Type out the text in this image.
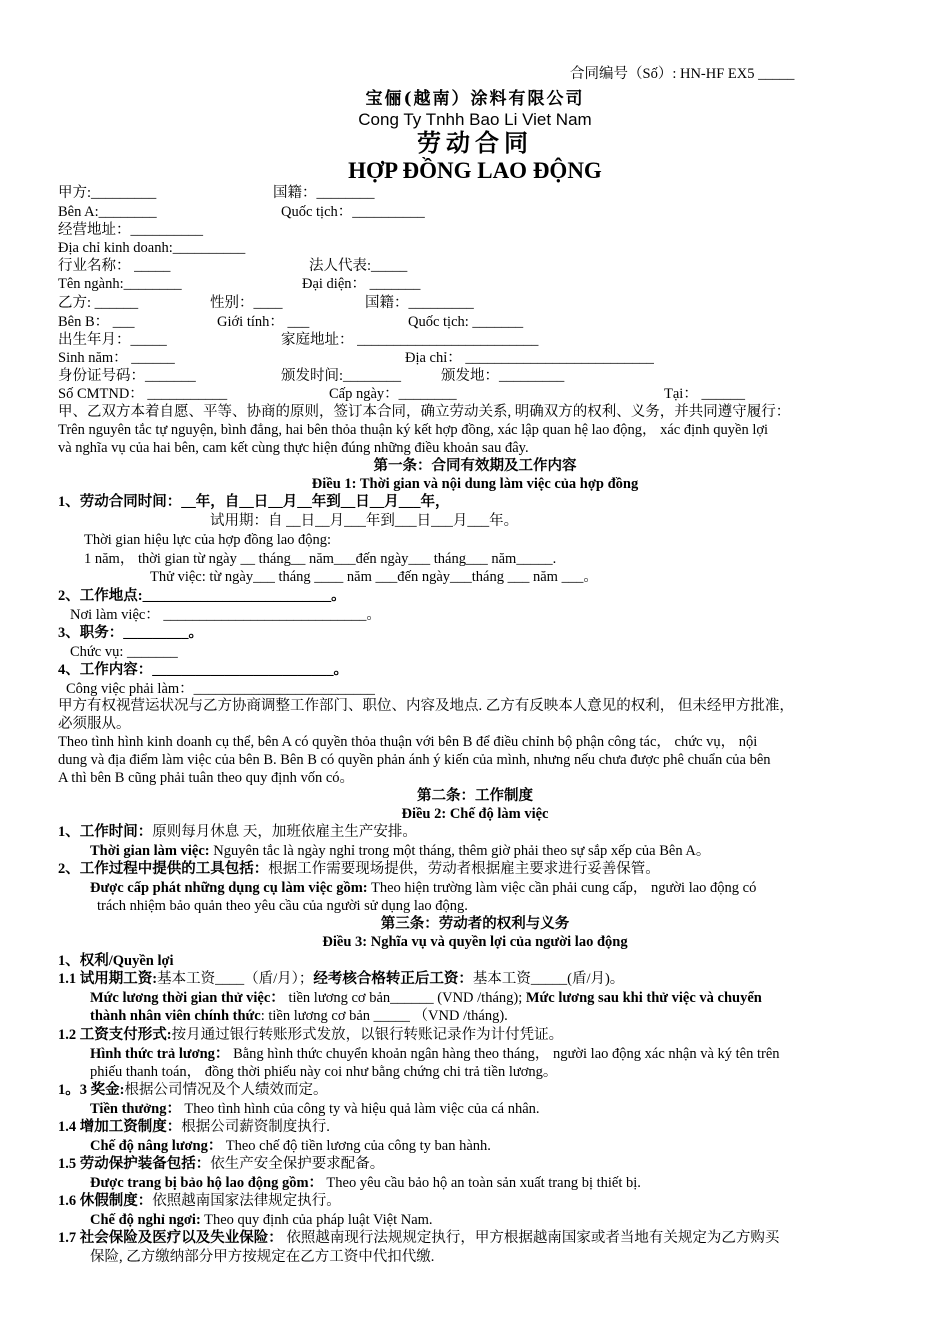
合同编号（Số）: HN-HF EX5 _____
宝俪(越南）涂料有限公司
Cong Ty Tnhh Bao Li Viet Nam
劳动合同
HỢP ĐỒNG LAO ĐỘNG
甲方:_________	国籍：________
Bên A:________	Quốc tịch：__________
经营地址：__________
Địa chỉ kinh doanh:__________
行业名称： _____	法人代表:_____
Tên ngành:________	Đại diện： _______
乙方: ______	性别：____	国籍：_________
Bên B： ___	Giới tính： ___	Quốc tịch: _______
出生年月：_____	家庭地址： _________________________
Sinh năm： ______	Địa chỉ： __________________________
身份证号码：_______	颁发时间:________	颁发地：_________
Số CMTND： ___________	Cấp ngày：________	Tại： ______
甲、乙双方本着自愿、平等、协商的原则，签订本合同，确立劳动关系, 明确双方的权利、义务，并共同遵守履行：
Trên nguyên tắc tự nguyện, bình đẳng, hai bên thỏa thuận ký kết hợp đồng, xác lập quan hệ lao động， xác định quyền lợi
và nghĩa vụ của hai bên, cam kết cùng thực hiện đúng những điều khoản sau đây.
第一条：合同有效期及工作内容
Điều 1: Thời gian và nội dung làm việc của hợp đồng
1、劳动合同时间：__年，自__日__月__年到__日__月___年，
试用期：自 __日__月___年到___日___月___年。
Thời gian hiệu lực của hợp đồng lao động:
1 năm， thời gian từ ngày __ tháng__ năm___đến ngày___ tháng___ năm_____.
Thử việc: từ ngày___ tháng ____ năm ___đến ngày___tháng ___ năm ___。
2、工作地点:__________________________。
Nơi làm việc： ____________________________。
3、职务：_________。
Chức vụ: _______
4、工作内容：_________________________。
Công việc phải làm：_________________________
甲方有权视营运状况与乙方协商调整工作部门、职位、内容及地点. 乙方有反映本人意见的权利， 但未经甲方批准，
必须服从。
Theo tình hình kinh doanh cụ thể, bên A có quyền thỏa thuận với bên B để điều chỉnh bộ phận công tác， chức vụ， nội
dung và địa điểm làm việc của bên B. Bên B có quyền phản ánh ý kiến của mình, nhưng nếu chưa được phê chuẩn của bên
A thì bên B cũng phải tuân theo quy định vốn có。
第二条：工作制度
Điều 2: Chế độ làm việc
1、工作时间：原则每月休息 天，加班依雇主生产安排。
Thời gian làm việc: Nguyên tắc là ngày nghỉ trong một tháng, thêm giờ phải theo sự sắp xếp của Bên A。
2、工作过程中提供的工具包括：根据工作需要现场提供，劳动者根据雇主要求进行妥善保管。
Được cấp phát những dụng cụ làm việc gồm: Theo hiện trường làm việc cần phải cung cấp， người lao động có
trách nhiệm bảo quản theo yêu cầu của người sử dụng lao động.
第三条：劳动者的权利与义务
Điều 3: Nghĩa vụ và quyền lợi của người lao động
1、权利/Quyền lợi
1.1 试用期工资:基本工资____（盾/月）；经考核合格转正后工资：基本工资_____(盾/月)。
Mức lương thời gian thử việc： tiền lương cơ bản______ (VND /tháng); Mức lương sau khi thử việc và chuyển
thành nhân viên chính thức: tiền lương cơ bản _____ （VND /tháng).
1.2 工资支付形式:按月通过银行转账形式发放，以银行转账记录作为计付凭证。
Hình thức trả lương： Bằng hình thức chuyển khoản ngân hàng theo tháng， người lao động xác nhận và ký tên trên
phiếu thanh toán， đồng thời phiếu này coi như bằng chứng chi trả tiền lương。
1。3 奖金:根据公司情况及个人绩效而定。
Tiền thưởng： Theo tình hình của công ty và hiệu quả làm việc của cá nhân.
1.4 增加工资制度：根据公司薪资制度执行.
Chế độ nâng lương： Theo chế độ tiền lương của công ty ban hành.
1.5 劳动保护装备包括：依生产安全保护要求配备。
Được trang bị bảo hộ lao động gồm： Theo yêu cầu bảo hộ an toàn sản xuất trang bị thiết bị.
1.6 休假制度：依照越南国家法律规定执行。
Chế độ nghỉ ngơi: Theo quy định của pháp luật Việt Nam.
1.7 社会保险及医疗以及失业保险： 依照越南现行法规规定执行，甲方根据越南国家或者当地有关规定为乙方购买
保险, 乙方缴纳部分甲方按规定在乙方工资中代扣代缴.
